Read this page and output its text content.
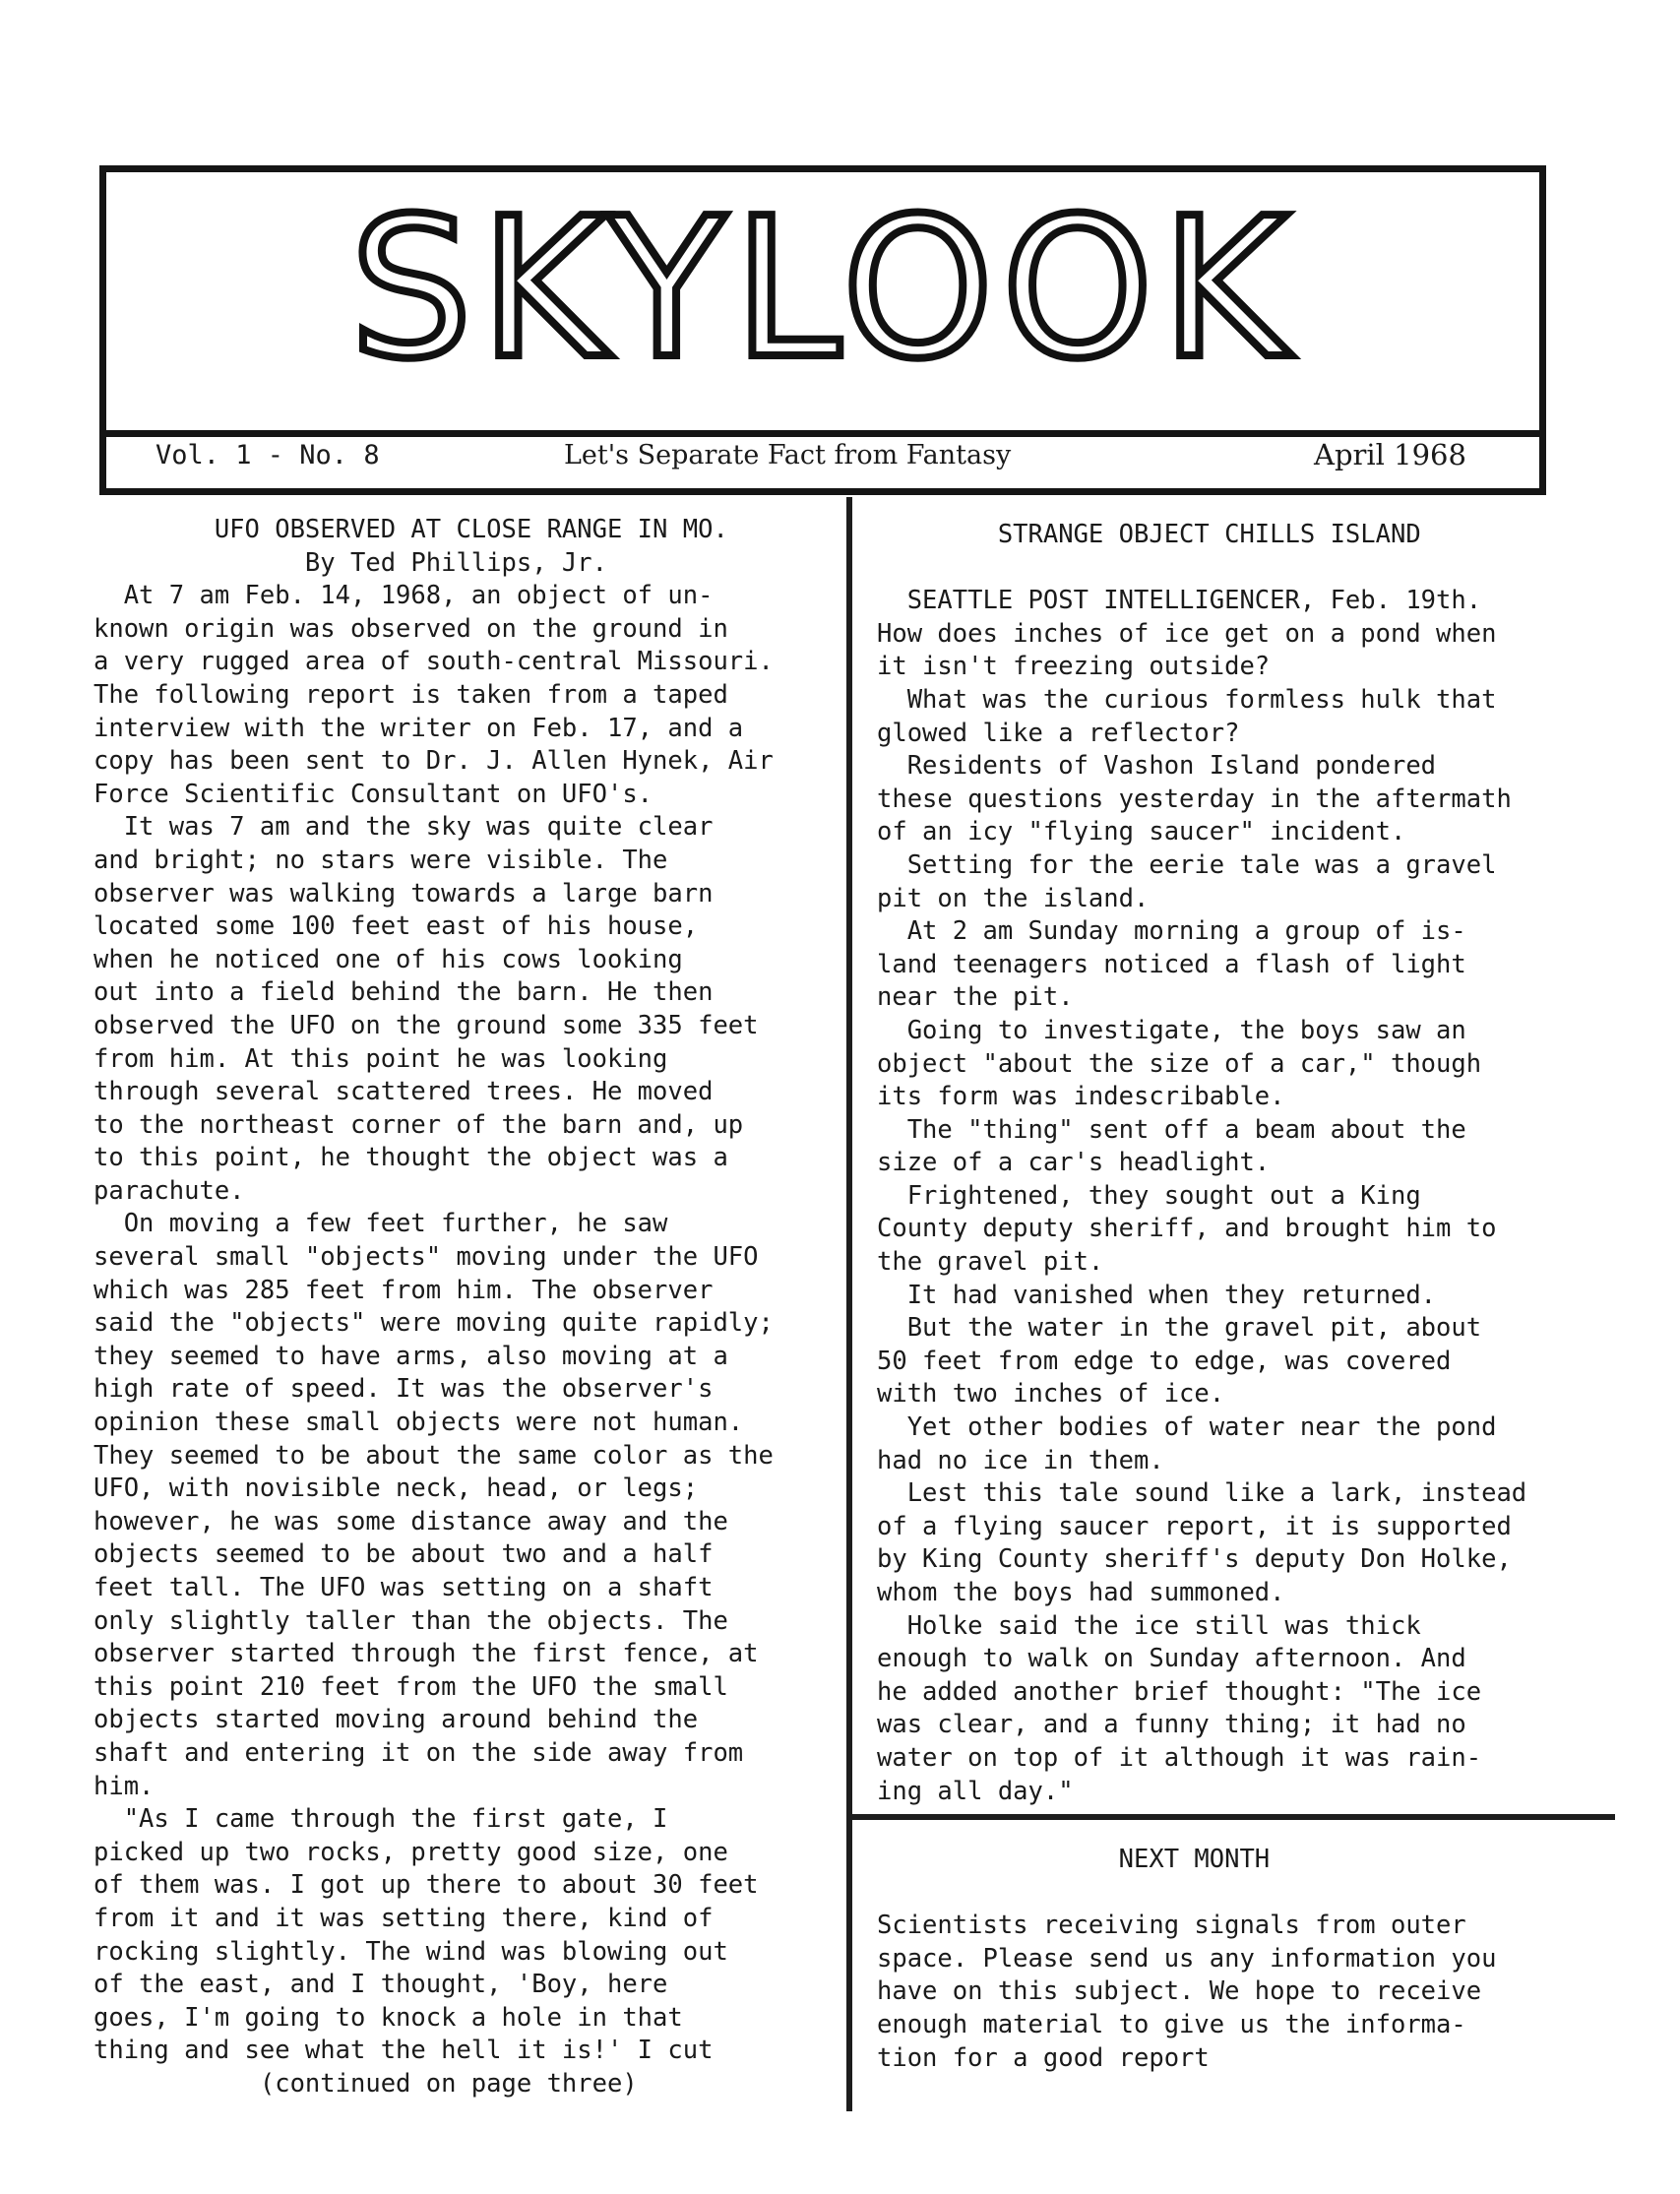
SKYLOOK
Vol. 1 - No. 8	Let's Separate Fact from Fantasy	April 1968
UFO OBSERVED AT CLOSE RANGE IN MO.
By Ted Phillips, Jr.
At 7 am Feb. 14, 1968, an object of un-
known origin was observed on the ground in
a very rugged area of south-central Missouri.
The following report is taken from a taped
interview with the writer on Feb. 17, and a
copy has been sent to Dr. J. Allen Hynek, Air
Force Scientific Consultant on UFO's.
It was 7 am and the sky was quite clear
and bright; no stars were visible. The
observer was walking towards a large barn
located some 100 feet east of his house,
when he noticed one of his cows looking
out into a field behind the barn. He then
observed the UFO on the ground some 335 feet
from him. At this point he was looking
through several scattered trees. He moved
to the northeast corner of the barn and, up
to this point, he thought the object was a
parachute.
On moving a few feet further, he saw
several small "objects" moving under the UFO
which was 285 feet from him. The observer
said the "objects" were moving quite rapidly;
they seemed to have arms, also moving at a
high rate of speed. It was the observer's
opinion these small objects were not human.
They seemed to be about the same color as the
UFO, with novisible neck, head, or legs;
however, he was some distance away and the
objects seemed to be about two and a half
feet tall. The UFO was setting on a shaft
only slightly taller than the objects. The
observer started through the first fence, at
this point 210 feet from the UFO the small
objects started moving around behind the
shaft and entering it on the side away from
him.
"As I came through the first gate, I
picked up two rocks, pretty good size, one
of them was. I got up there to about 30 feet
from it and it was setting there, kind of
rocking slightly. The wind was blowing out
of the east, and I thought, 'Boy, here
goes, I'm going to knock a hole in that
thing and see what the hell it is!' I cut
(continued on page three)
STRANGE OBJECT CHILLS ISLAND
SEATTLE POST INTELLIGENCER, Feb. 19th.
How does inches of ice get on a pond when
it isn't freezing outside?
What was the curious formless hulk that
glowed like a reflector?
Residents of Vashon Island pondered
these questions yesterday in the aftermath
of an icy "flying saucer" incident.
Setting for the eerie tale was a gravel
pit on the island.
At 2 am Sunday morning a group of is-
land teenagers noticed a flash of light
near the pit.
Going to investigate, the boys saw an
object "about the size of a car," though
its form was indescribable.
The "thing" sent off a beam about the
size of a car's headlight.
Frightened, they sought out a King
County deputy sheriff, and brought him to
the gravel pit.
It had vanished when they returned.
But the water in the gravel pit, about
50 feet from edge to edge, was covered
with two inches of ice.
Yet other bodies of water near the pond
had no ice in them.
Lest this tale sound like a lark, instead
of a flying saucer report, it is supported
by King County sheriff's deputy Don Holke,
whom the boys had summoned.
Holke said the ice still was thick
enough to walk on Sunday afternoon. And
he added another brief thought: "The ice
was clear, and a funny thing; it had no
water on top of it although it was rain-
ing all day."
NEXT MONTH
Scientists receiving signals from outer
space. Please send us any information you
have on this subject. We hope to receive
enough material to give us the informa-
tion for a good report
